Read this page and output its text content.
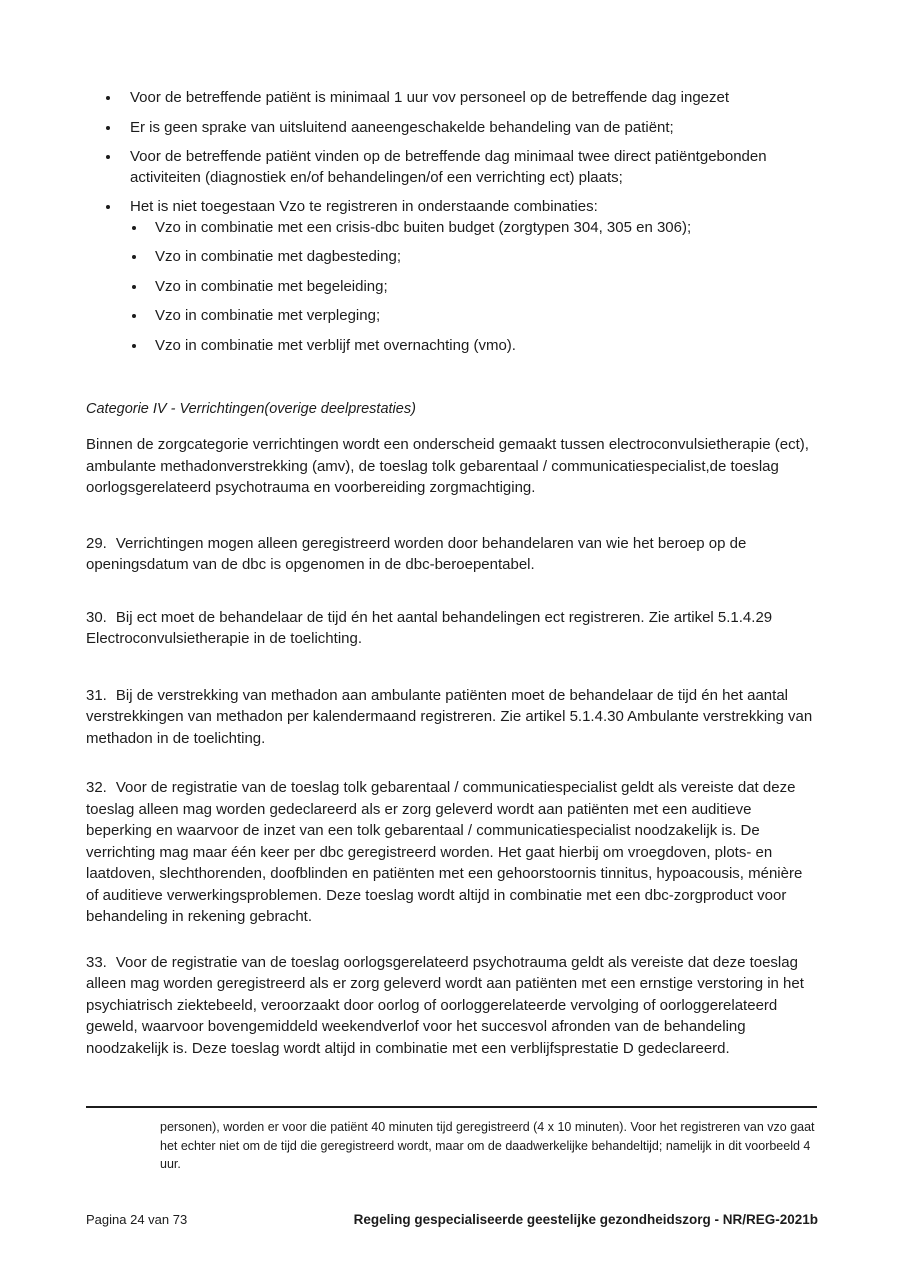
Voor de betreffende patiënt is minimaal 1 uur vov personeel op de betreffende dag ingezet
Er is geen sprake van uitsluitend aaneengeschakelde behandeling van de patiënt;
Voor de betreffende patiënt vinden op de betreffende dag minimaal twee direct patiëntgebonden activiteiten (diagnostiek en/of behandelingen/of een verrichting ect) plaats;
Het is niet toegestaan Vzo te registreren in onderstaande combinaties:
Vzo in combinatie met een crisis-dbc buiten budget (zorgtypen 304, 305 en 306);
Vzo in combinatie met dagbesteding;
Vzo in combinatie met begeleiding;
Vzo in combinatie met verpleging;
Vzo in combinatie met verblijf met overnachting (vmo).
Categorie IV - Verrichtingen(overige deelprestaties)

Binnen de zorgcategorie verrichtingen wordt een onderscheid gemaakt tussen electroconvulsietherapie (ect), ambulante methadonverstrekking (amv), de toeslag tolk gebarentaal / communicatiespecialist,de toeslag oorlogsgerelateerd psychotrauma en voorbereiding zorgmachtiging.

29. Verrichtingen mogen alleen geregistreerd worden door behandelaren van wie het beroep op de openingsdatum van de dbc is opgenomen in de dbc-beroepentabel.

30. Bij ect moet de behandelaar de tijd én het aantal behandelingen ect registreren. Zie artikel 5.1.4.29 Electroconvulsietherapie in de toelichting.

31. Bij de verstrekking van methadon aan ambulante patiënten moet de behandelaar de tijd én het aantal verstrekkingen van methadon per kalendermaand registreren. Zie artikel 5.1.4.30 Ambulante verstrekking van methadon in de toelichting.

32. Voor de registratie van de toeslag tolk gebarentaal / communicatiespecialist geldt als vereiste dat deze toeslag alleen mag worden gedeclareerd als er zorg geleverd wordt aan patiënten met een auditieve beperking en waarvoor de inzet van een tolk gebarentaal / communicatiespecialist noodzakelijk is. De verrichting mag maar één keer per dbc geregistreerd worden. Het gaat hierbij om vroegdoven, plots- en laatdoven, slechthorenden, doofblinden en patiënten met een gehoorstoornis tinnitus, hypoacousis, ménière of auditieve verwerkingsproblemen. Deze toeslag wordt altijd in combinatie met een dbc-zorgproduct voor behandeling in rekening gebracht.

33. Voor de registratie van de toeslag oorlogsgerelateerd psychotrauma geldt als vereiste dat deze toeslag alleen mag worden geregistreerd als er zorg geleverd wordt aan patiënten met een ernstige verstoring in het psychiatrisch ziektebeeld, veroorzaakt door oorlog of oorloggerelateerde vervolging of oorloggerelateerd geweld, waarvoor bovengemiddeld weekendverlof voor het succesvol afronden van de behandeling noodzakelijk is. Deze toeslag wordt altijd in combinatie met een verblijfsprestatie D gedeclareerd.

personen), worden er voor die patiënt 40 minuten tijd geregistreerd (4 x 10 minuten). Voor het registreren van vzo gaat het echter niet om de tijd die geregistreerd wordt, maar om de daadwerkelijke behandeltijd; namelijk in dit voorbeeld 4 uur.

Pagina 24 van 73	Regeling gespecialiseerde geestelijke gezondheidszorg - NR/REG-2021b
